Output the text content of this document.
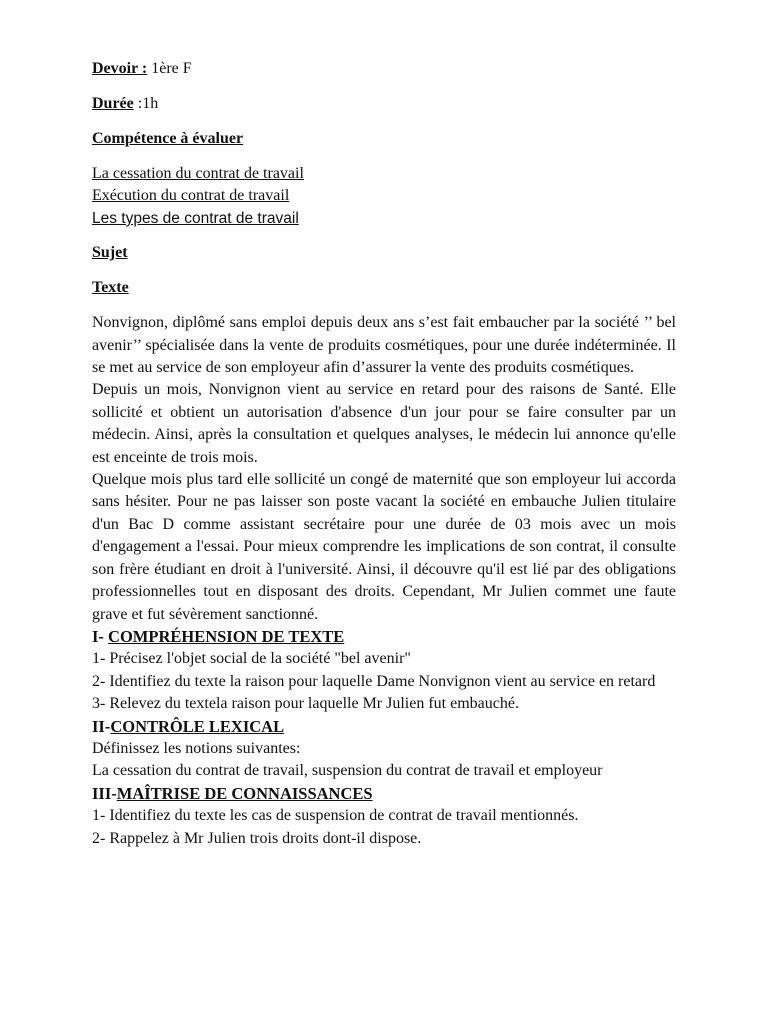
Devoir : 1ère F

Durée :1h

Compétence à évaluer

La cessation du contrat de travail

Exécution du contrat de travail

Les types de contrat de travail

Sujet

Texte

Nonvignon, diplômé sans emploi depuis deux ans s’est fait embaucher par la société ’’ bel avenir’’ spécialisée dans la vente de produits cosmétiques, pour une durée indéterminée. Il se met au service de son employeur afin d’assurer la vente des produits cosmétiques.

Depuis un mois, Nonvignon vient au service en retard pour des raisons de Santé. Elle sollicité et obtient un autorisation d'absence d'un jour pour se faire consulter par un médecin. Ainsi, après la consultation et quelques analyses, le médecin lui annonce qu'elle est enceinte de trois mois.

Quelque mois plus tard elle sollicité un congé de maternité que son employeur lui accorda sans hésiter. Pour ne pas laisser son poste vacant la société en embauche Julien titulaire d'un Bac D comme assistant secrétaire pour une durée de 03 mois avec un mois d'engagement a l'essai. Pour mieux comprendre les implications de son contrat, il consulte son frère étudiant en droit à l'université. Ainsi, il découvre qu'il est lié par des obligations professionnelles tout en disposant des droits. Cependant, Mr Julien commet une faute grave et fut sévèrement sanctionné.

I- COMPRÉHENSION DE TEXTE

1- Précisez l'objet social de la société "bel avenir"

2- Identifiez du texte la raison pour laquelle Dame Nonvignon vient au service en retard

3- Relevez du textela raison pour laquelle Mr Julien fut embauché.

II-CONTRÔLE LEXICAL

Définissez les notions suivantes:

La cessation du contrat de travail, suspension du contrat de travail et employeur

III-MAÎTRISE DE CONNAISSANCES

1- Identifiez du texte les cas de suspension de contrat de travail mentionnés.

2- Rappelez à Mr Julien trois droits dont-il dispose.
